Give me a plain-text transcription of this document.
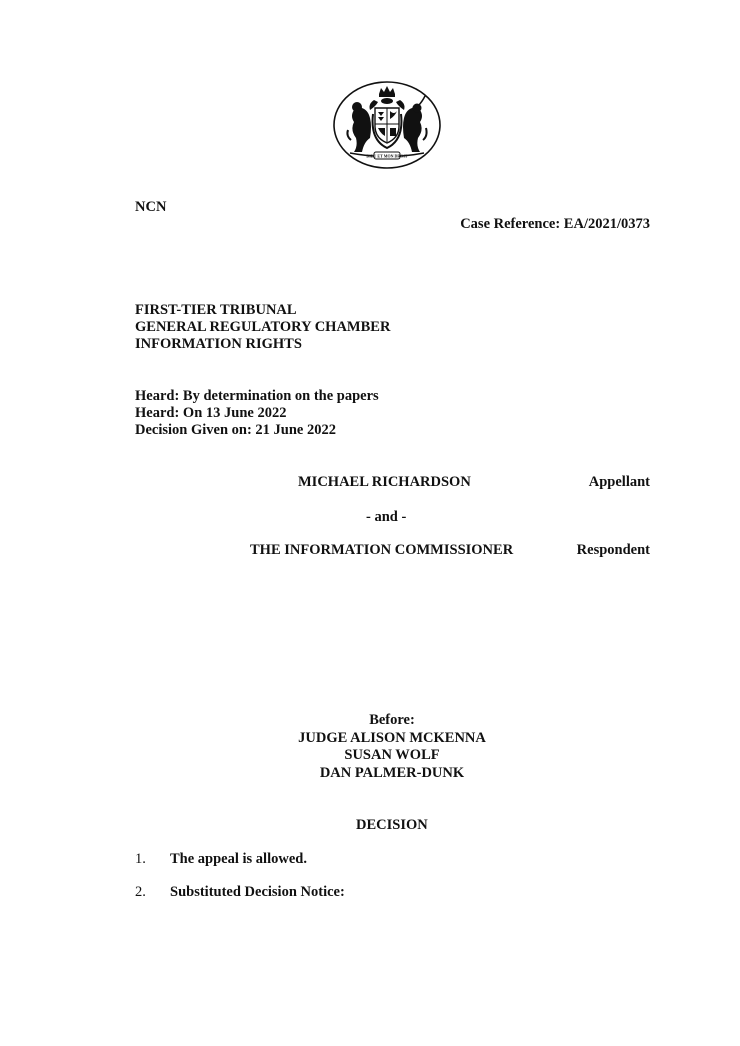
DIEU ET MON DROIT
NCN
Case Reference: EA/2021/0373
FIRST-TIER TRIBUNAL
GENERAL REGULATORY CHAMBER
INFORMATION RIGHTS
Heard: By determination on the papers
Heard: On 13 June 2022
Decision Given on: 21 June 2022
MICHAEL RICHARDSON	Appellant
- and -
THE INFORMATION COMMISSIONER	Respondent
Before:
JUDGE ALISON MCKENNA
SUSAN WOLF
DAN PALMER-DUNK
DECISION
1. The appeal is allowed.
2. Substituted Decision Notice:
